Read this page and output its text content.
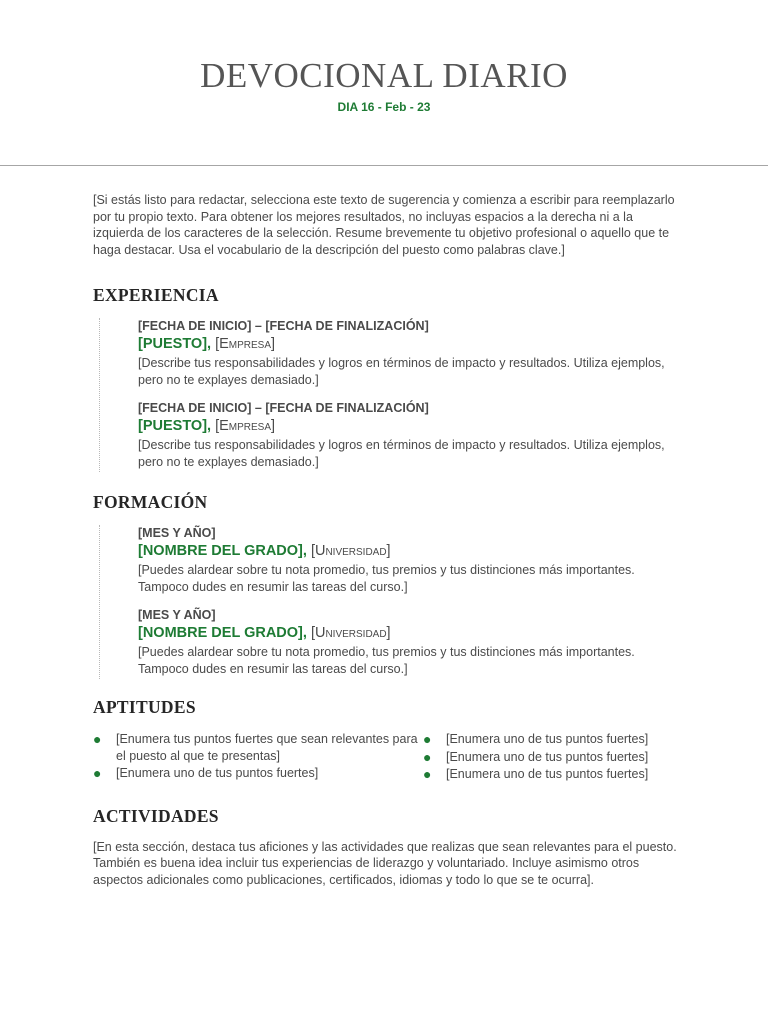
DEVOCIONAL DIARIO
DIA 16 - Feb - 23

[Si estás listo para redactar, selecciona este texto de sugerencia y comienza a escribir para reemplazarlo por tu propio texto. Para obtener los mejores resultados, no incluyas espacios a la derecha ni a la izquierda de los caracteres de la selección. Resume brevemente tu objetivo profesional o aquello que te haga destacar. Usa el vocabulario de la descripción del puesto como palabras clave.]

EXPERIENCIA
[FECHA DE INICIO] – [FECHA DE FINALIZACIÓN]
[PUESTO], [Empresa]
[Describe tus responsabilidades y logros en términos de impacto y resultados. Utiliza ejemplos, pero no te explayes demasiado.]
[FECHA DE INICIO] – [FECHA DE FINALIZACIÓN]
[PUESTO], [Empresa]
[Describe tus responsabilidades y logros en términos de impacto y resultados. Utiliza ejemplos, pero no te explayes demasiado.]
FORMACIÓN
[MES Y AÑO]
[NOMBRE DEL GRADO], [Universidad]
[Puedes alardear sobre tu nota promedio, tus premios y tus distinciones más importantes. Tampoco dudes en resumir las tareas del curso.]
[MES Y AÑO]
[NOMBRE DEL GRADO], [Universidad]
[Puedes alardear sobre tu nota promedio, tus premios y tus distinciones más importantes. Tampoco dudes en resumir las tareas del curso.]
APTITUDES
● [Enumera tus puntos fuertes que sean relevantes para el puesto al que te presentas]
● [Enumera uno de tus puntos fuertes]
● [Enumera uno de tus puntos fuertes]
● [Enumera uno de tus puntos fuertes]
● [Enumera uno de tus puntos fuertes]
ACTIVIDADES

[En esta sección, destaca tus aficiones y las actividades que realizas que sean relevantes para el puesto. También es buena idea incluir tus experiencias de liderazgo y voluntariado. Incluye asimismo otros aspectos adicionales como publicaciones, certificados, idiomas y todo lo que se te ocurra].
